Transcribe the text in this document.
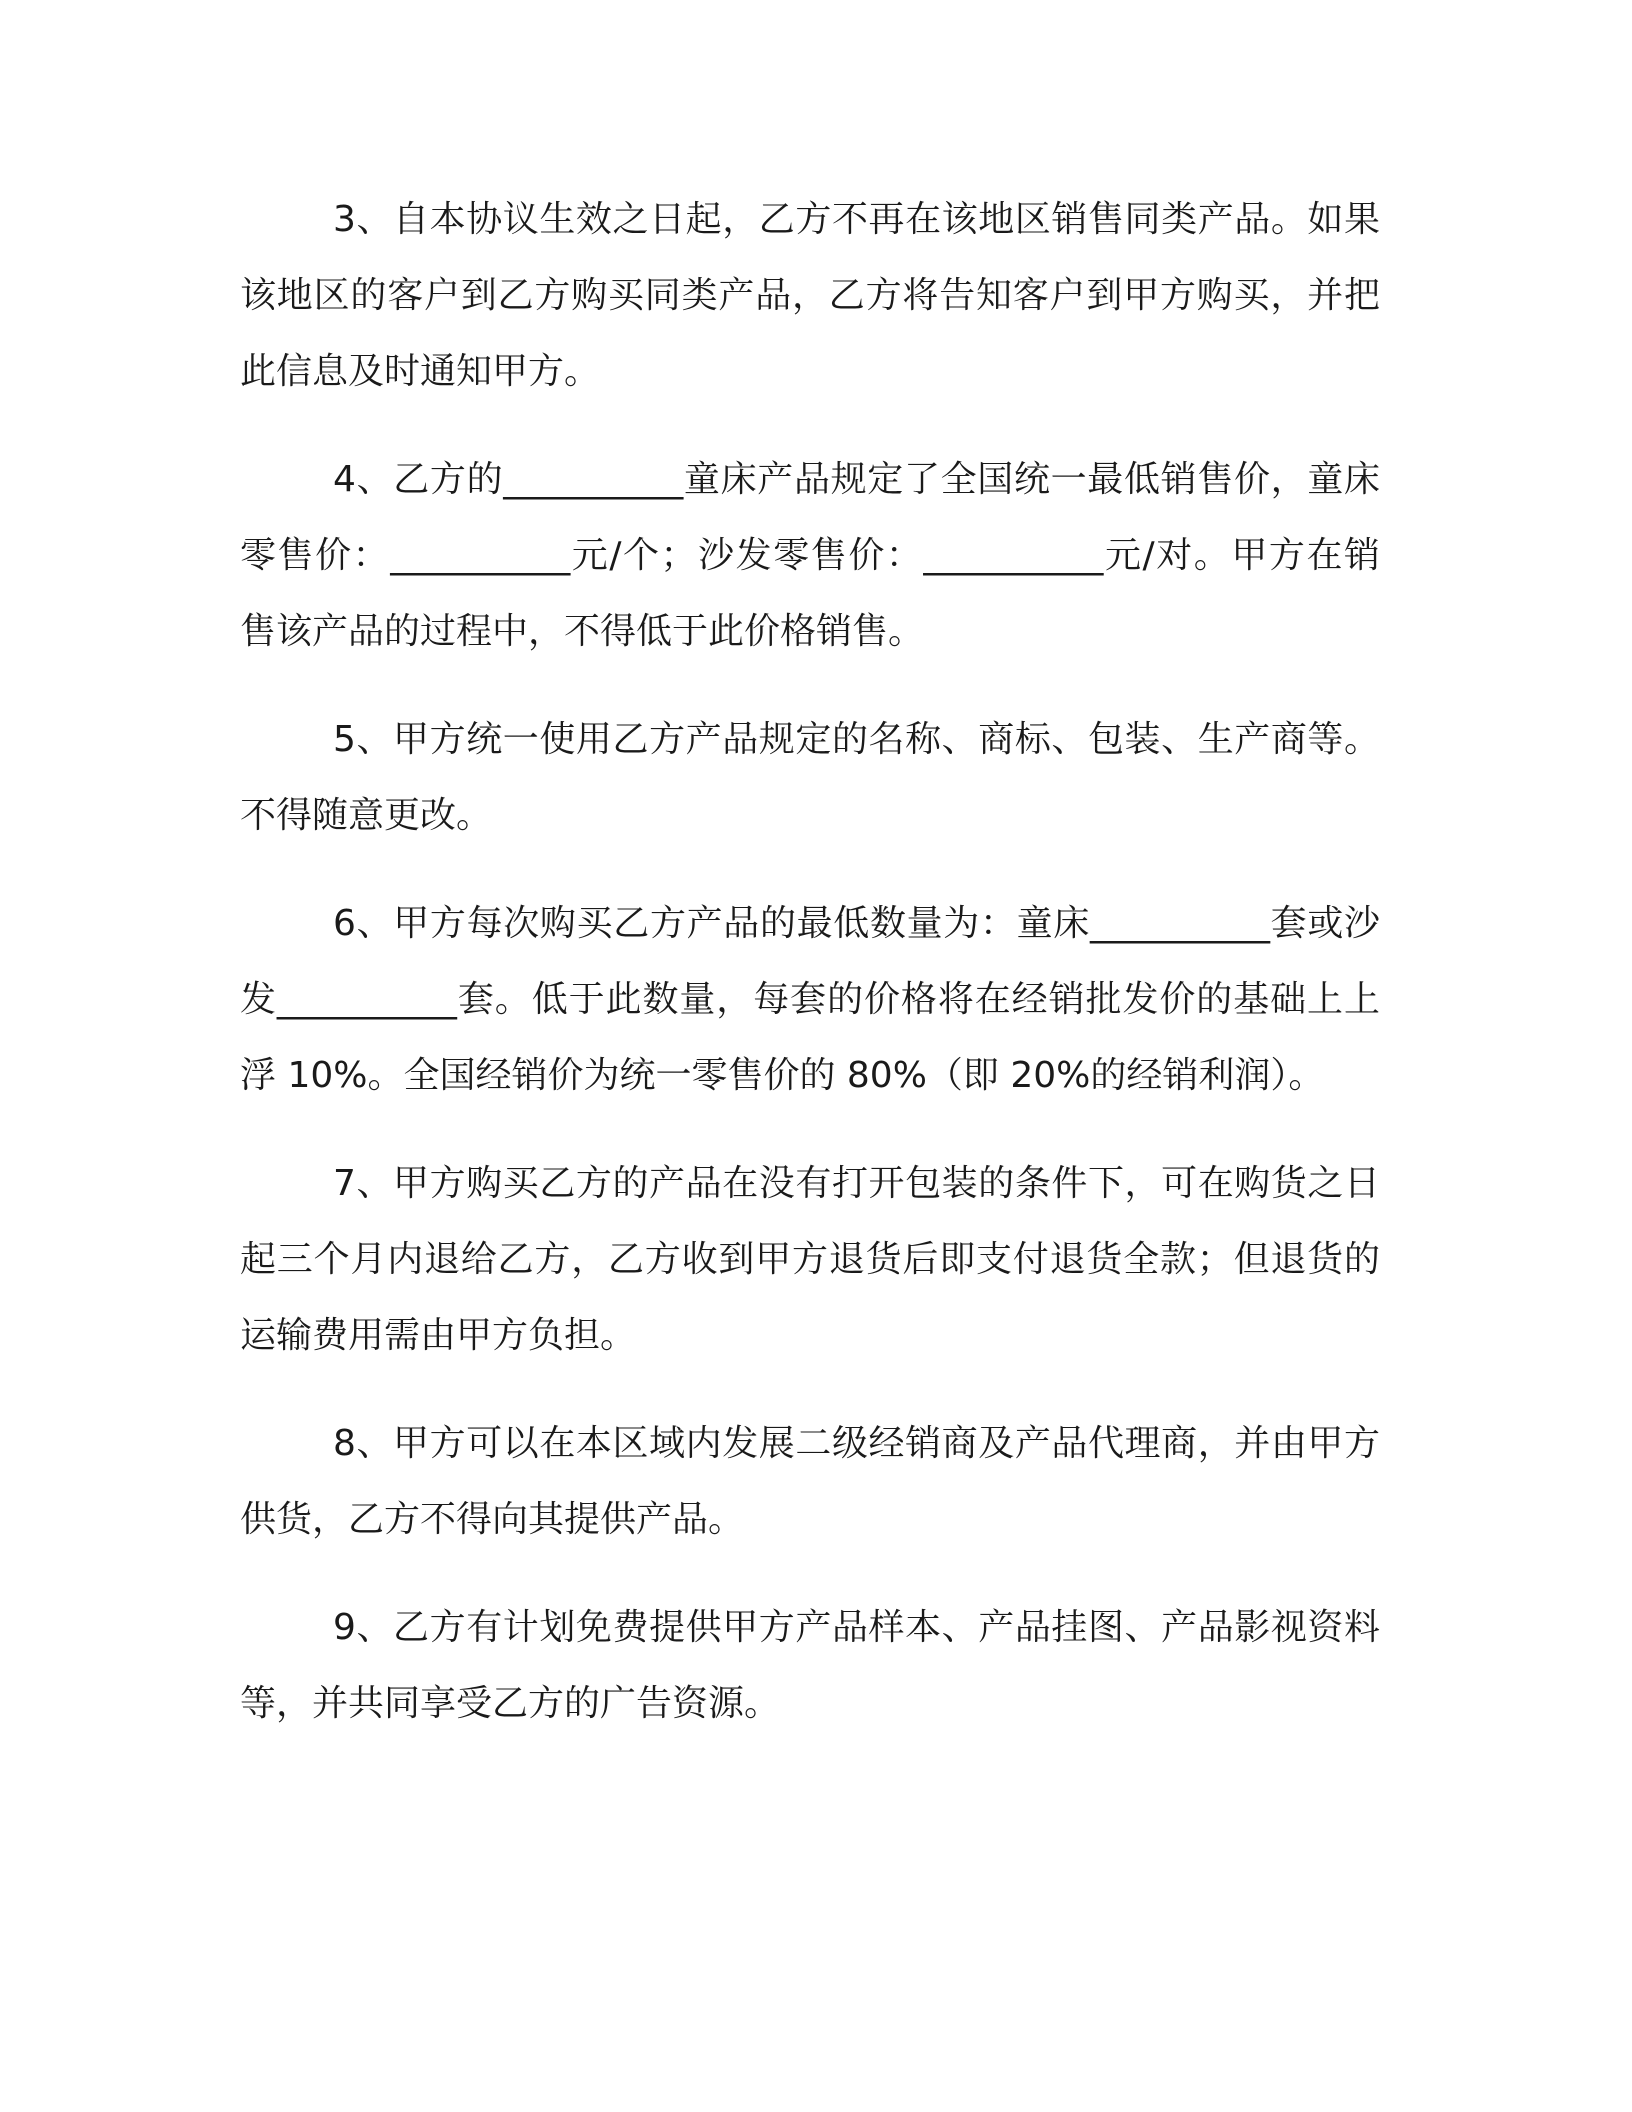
3、自本协议生效之日起，乙方不再在该地区销售同类产品。如果该地区的客户到乙方购买同类产品，乙方将告知客户到甲方购买，并把此信息及时通知甲方。

4、乙方的__________童床产品规定了全国统一最低销售价，童床零售价：__________元/个；沙发零售价：__________元/对。甲方在销售该产品的过程中，不得低于此价格销售。

5、甲方统一使用乙方产品规定的名称、商标、包装、生产商等。不得随意更改。

6、甲方每次购买乙方产品的最低数量为：童床__________套或沙发__________套。低于此数量，每套的价格将在经销批发价的基础上上浮 10%。全国经销价为统一零售价的 80%（即 20%的经销利润）。

7、甲方购买乙方的产品在没有打开包装的条件下，可在购货之日起三个月内退给乙方，乙方收到甲方退货后即支付退货全款；但退货的运输费用需由甲方负担。

8、甲方可以在本区域内发展二级经销商及产品代理商，并由甲方供货，乙方不得向其提供产品。

9、乙方有计划免费提供甲方产品样本、产品挂图、产品影视资料等，并共同享受乙方的广告资源。
